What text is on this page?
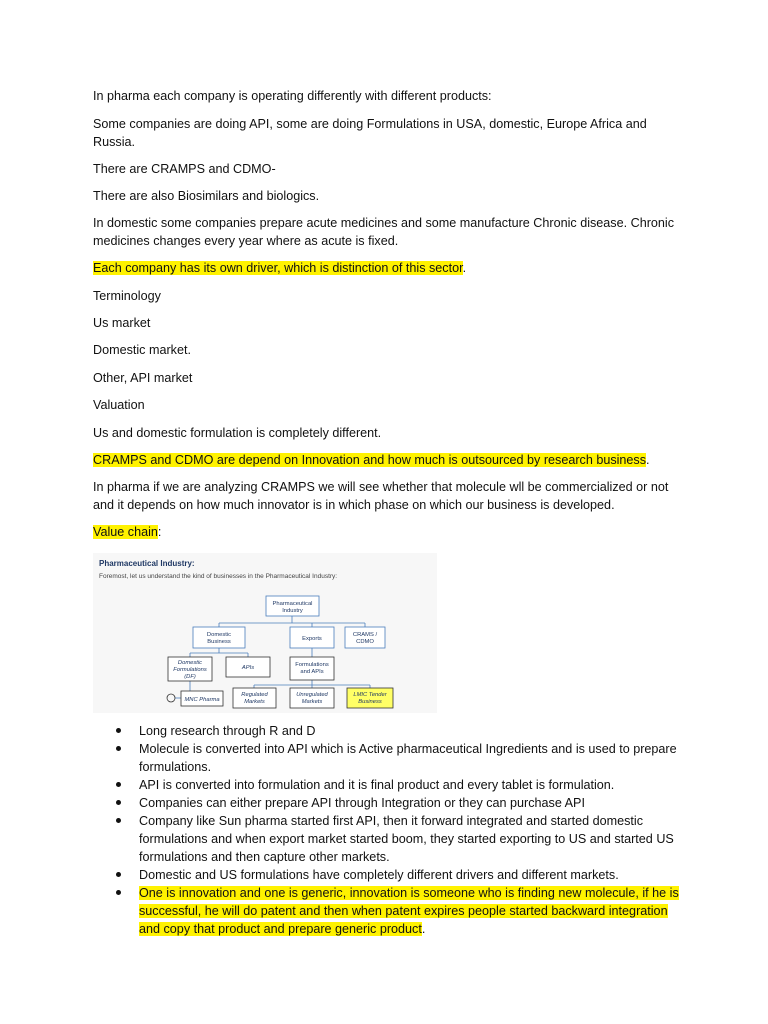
In pharma each company is operating differently with different products:

Some companies are doing API, some are doing Formulations in USA, domestic, Europe Africa and Russia.

There are CRAMPS and CDMO-

There are also Biosimilars and biologics.

In domestic some companies prepare acute medicines and some manufacture Chronic disease. Chronic medicines changes every year where as acute is fixed.

Each company has its own driver, which is distinction of this sector.

Terminology

Us market

Domestic market.

Other, API market

Valuation

Us and domestic formulation is completely different.

CRAMPS and CDMO are depend on Innovation and how much is outsourced by research business.

In pharma if we are analyzing CRAMPS we will see whether that molecule wll be commercialized or not and it depends on how much innovator is in which phase on which our business is developed.

Value chain:

Pharmaceutical Industry:
Foremost, let us understand the kind of businesses in the Pharmaceutical Industry:
Pharmaceutical
Industry
Domestic
Business	Exports
CRAMS /
CDMO
Domestic
Formulations
(DF)
APIs	Formulations
and APIs
MNC Pharma
Regulated
Markets
Unregulated
Markets
LMIC Tender
Business
Long research through R and D
Molecule is converted into API which is Active pharmaceutical Ingredients and is used to prepare formulations.
API is converted into formulation and it is final product and every tablet is formulation.
Companies can either prepare API through Integration or they can purchase API
Company like Sun pharma started first API, then it forward integrated and started domestic formulations and when export market started boom, they started exporting to US and started US formulations and then capture other markets.
Domestic and US formulations have completely different drivers and different markets.
One is innovation and one is generic, innovation is someone who is finding new molecule, if he is successful, he will do patent and then when patent expires people started backward integration and copy that product and prepare generic product.
